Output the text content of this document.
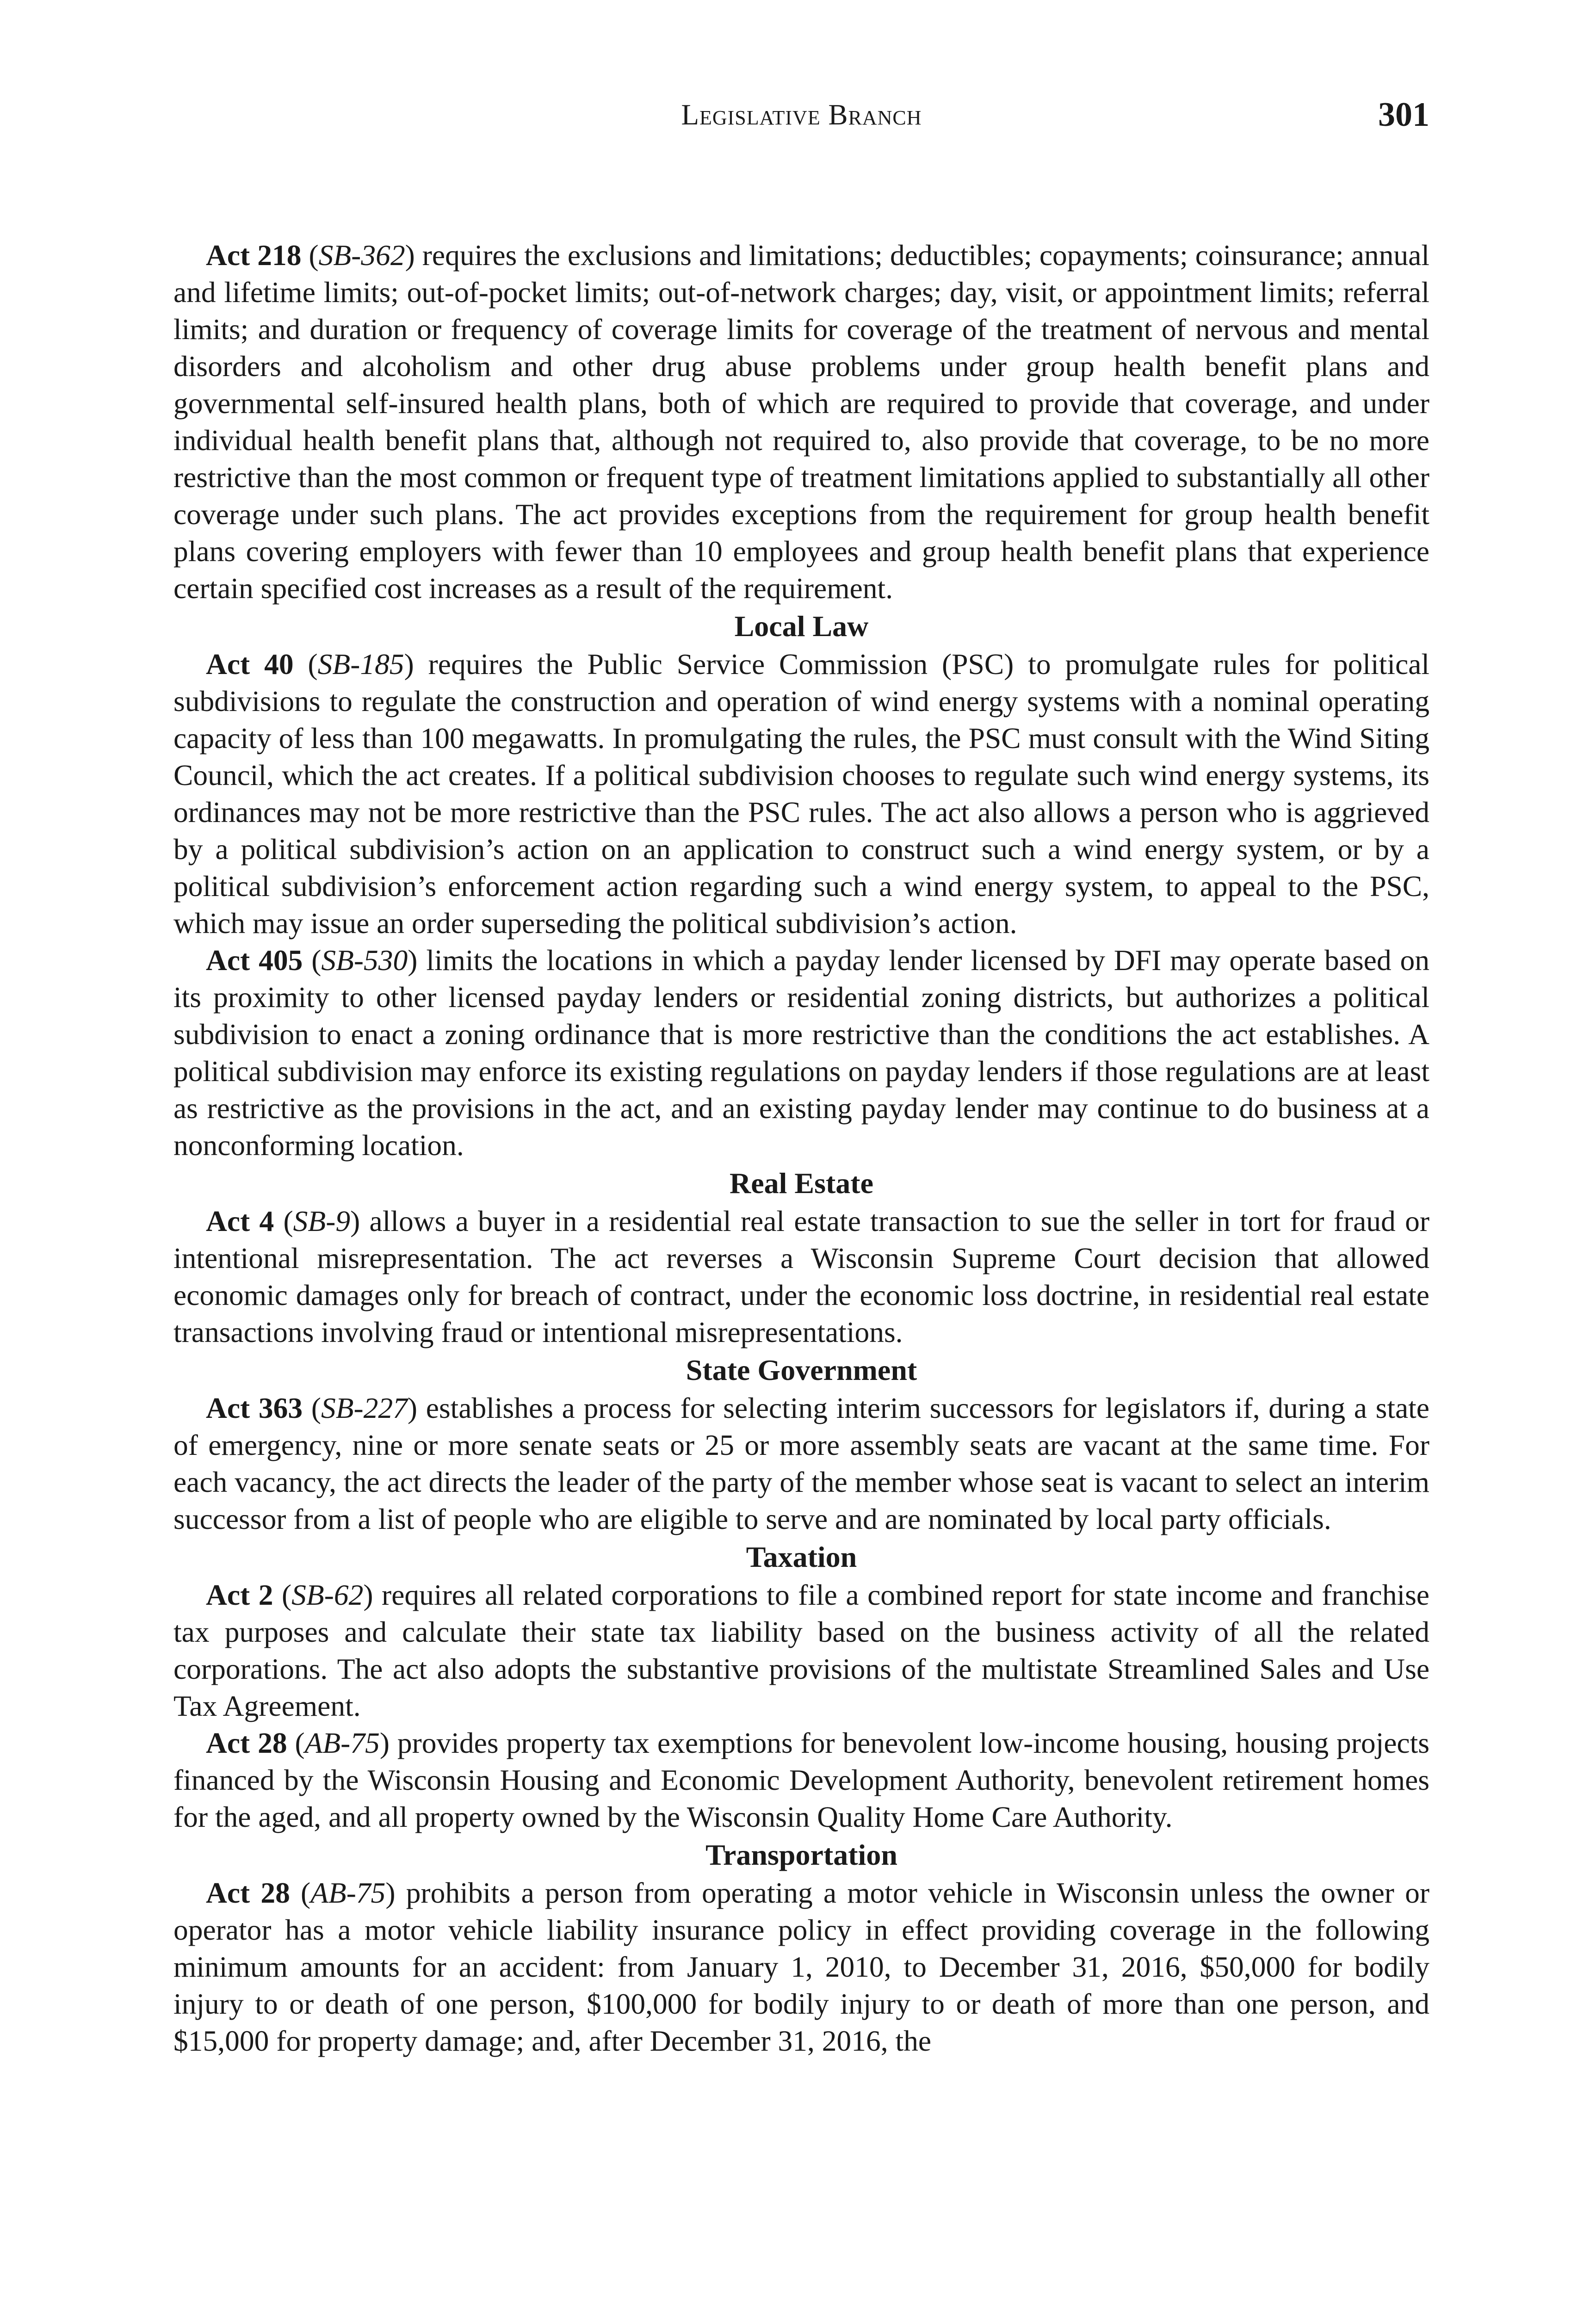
Legislative Branch	301

Act 218 (SB-362) requires the exclusions and limitations; deductibles; copayments; coinsurance; annual and lifetime limits; out-of-pocket limits; out-of-network charges; day, visit, or appointment limits; referral limits; and duration or frequency of coverage limits for coverage of the treatment of nervous and mental disorders and alcoholism and other drug abuse problems under group health benefit plans and governmental self-insured health plans, both of which are required to provide that coverage, and under individual health benefit plans that, although not required to, also provide that coverage, to be no more restrictive than the most common or frequent type of treatment limitations applied to substantially all other coverage under such plans. The act provides exceptions from the requirement for group health benefit plans covering employers with fewer than 10 employees and group health benefit plans that experience certain specified cost increases as a result of the requirement.

Local Law

Act 40 (SB-185) requires the Public Service Commission (PSC) to promulgate rules for political subdivisions to regulate the construction and operation of wind energy systems with a nominal operating capacity of less than 100 megawatts. In promulgating the rules, the PSC must consult with the Wind Siting Council, which the act creates. If a political subdivision chooses to regulate such wind energy systems, its ordinances may not be more restrictive than the PSC rules. The act also allows a person who is aggrieved by a political subdivision’s action on an application to construct such a wind energy system, or by a political subdivision’s enforcement action regarding such a wind energy system, to appeal to the PSC, which may issue an order superseding the political subdivision’s action.

Act 405 (SB-530) limits the locations in which a payday lender licensed by DFI may operate based on its proximity to other licensed payday lenders or residential zoning districts, but authorizes a political subdivision to enact a zoning ordinance that is more restrictive than the conditions the act establishes. A political subdivision may enforce its existing regulations on payday lenders if those regulations are at least as restrictive as the provisions in the act, and an existing payday lender may continue to do business at a nonconforming location.

Real Estate

Act 4 (SB-9) allows a buyer in a residential real estate transaction to sue the seller in tort for fraud or intentional misrepresentation. The act reverses a Wisconsin Supreme Court decision that allowed economic damages only for breach of contract, under the economic loss doctrine, in residential real estate transactions involving fraud or intentional misrepresentations.

State Government

Act 363 (SB-227) establishes a process for selecting interim successors for legislators if, during a state of emergency, nine or more senate seats or 25 or more assembly seats are vacant at the same time. For each vacancy, the act directs the leader of the party of the member whose seat is vacant to select an interim successor from a list of people who are eligible to serve and are nominated by local party officials.

Taxation

Act 2 (SB-62) requires all related corporations to file a combined report for state income and franchise tax purposes and calculate their state tax liability based on the business activity of all the related corporations. The act also adopts the substantive provisions of the multistate Streamlined Sales and Use Tax Agreement.

Act 28 (AB-75) provides property tax exemptions for benevolent low-income housing, housing projects financed by the Wisconsin Housing and Economic Development Authority, benevolent retirement homes for the aged, and all property owned by the Wisconsin Quality Home Care Authority.

Transportation

Act 28 (AB-75) prohibits a person from operating a motor vehicle in Wisconsin unless the owner or operator has a motor vehicle liability insurance policy in effect providing coverage in the following minimum amounts for an accident: from January 1, 2010, to December 31, 2016, $50,000 for bodily injury to or death of one person, $100,000 for bodily injury to or death of more than one person, and $15,000 for property damage; and, after December 31, 2016, the
